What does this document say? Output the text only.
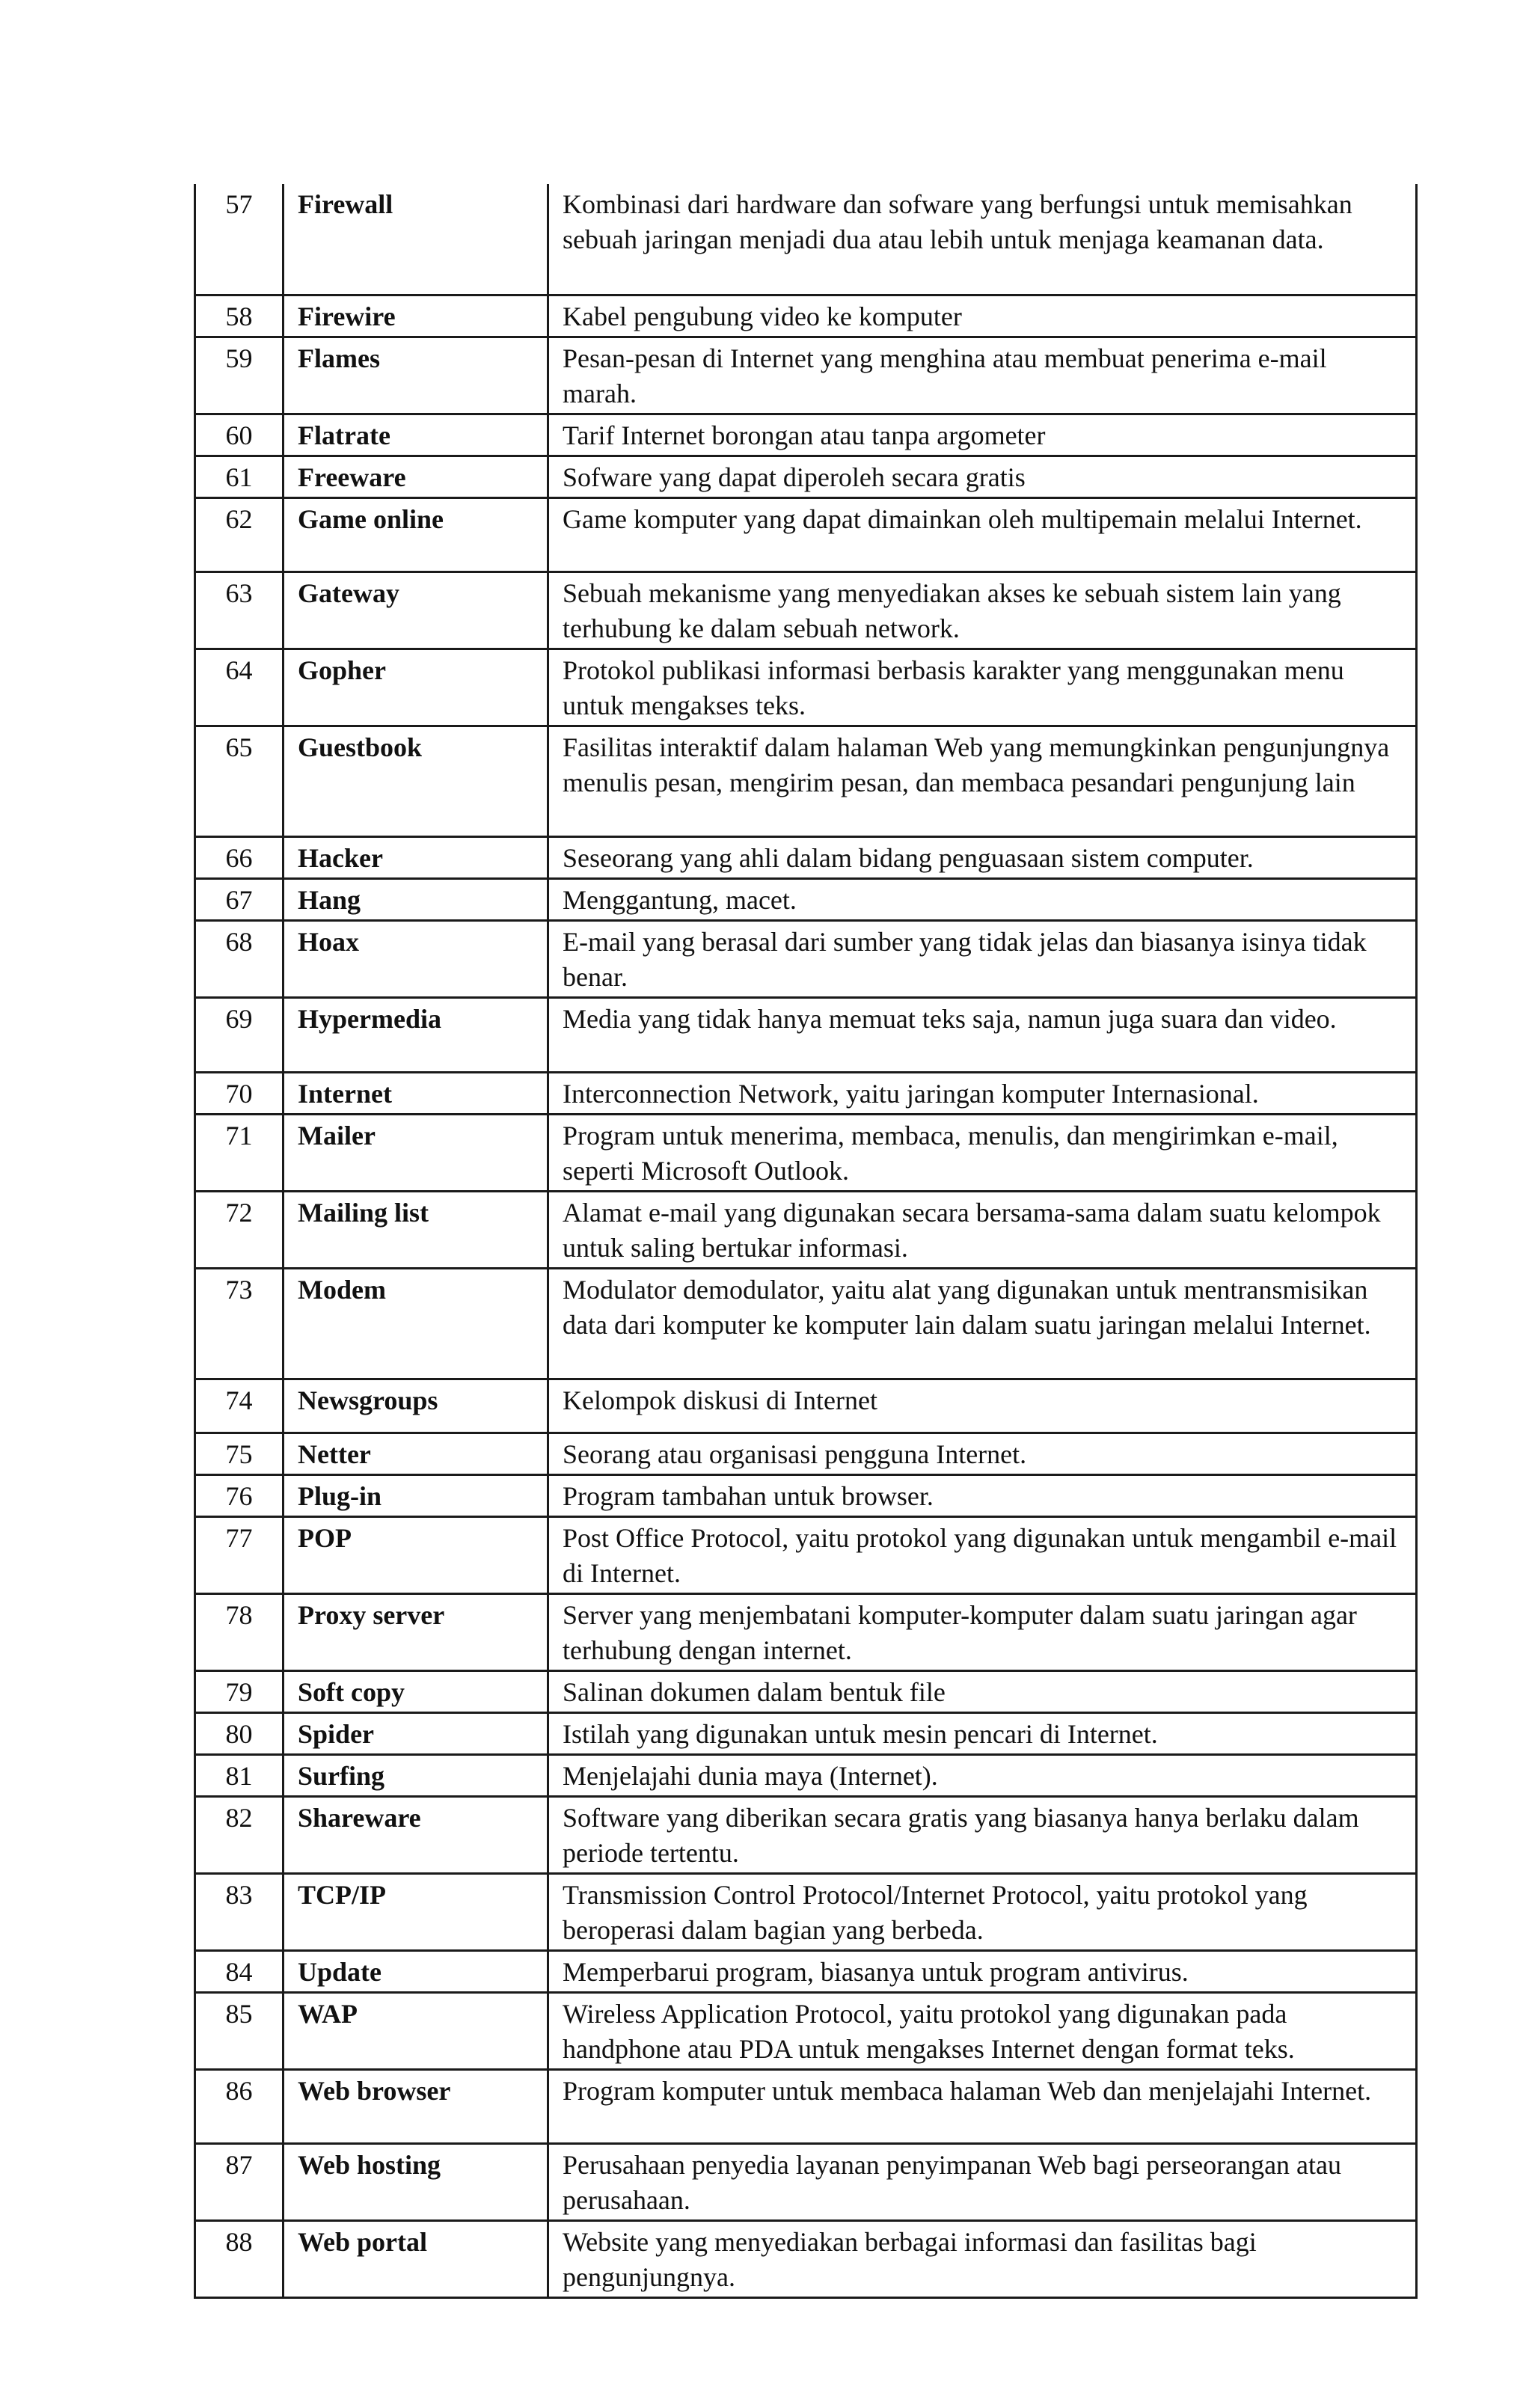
57	Firewall	Kombinasi dari hardware dan sofware yang berfungsi untuk memisahkan sebuah jaringan menjadi dua atau lebih untuk menjaga keamanan data.
58	Firewire	Kabel pengubung video ke komputer
59	Flames	Pesan-pesan di Internet yang menghina atau membuat penerima e-mail marah.
60	Flatrate	Tarif Internet borongan atau tanpa argometer
61	Freeware	Sofware yang dapat diperoleh secara gratis
62	Game online	Game komputer yang dapat dimainkan oleh multipemain melalui Internet.
63	Gateway	Sebuah mekanisme yang menyediakan akses ke sebuah sistem lain yang terhubung ke dalam sebuah network.
64	Gopher	Protokol publikasi informasi berbasis karakter yang menggunakan menu untuk mengakses teks.
65	Guestbook	Fasilitas interaktif dalam halaman Web yang memungkinkan pengunjungnya menulis pesan, mengirim pesan, dan membaca pesandari pengunjung lain
66	Hacker	Seseorang yang ahli dalam bidang penguasaan sistem computer.
67	Hang	Menggantung, macet.
68	Hoax	E-mail yang berasal dari sumber yang tidak jelas dan biasanya isinya tidak benar.
69	Hypermedia	Media yang tidak hanya memuat teks saja, namun juga suara dan video.
70	Internet	Interconnection Network, yaitu jaringan komputer Internasional.
71	Mailer	Program untuk menerima, membaca, menulis, dan mengirimkan e-mail, seperti Microsoft Outlook.
72	Mailing list	Alamat e-mail yang digunakan secara bersama-sama dalam suatu kelompok untuk saling bertukar informasi.
73	Modem	Modulator demodulator, yaitu alat yang digunakan untuk mentransmisikan data dari komputer ke komputer lain dalam suatu jaringan melalui Internet.
74	Newsgroups	Kelompok diskusi di Internet
75	Netter	Seorang atau organisasi pengguna Internet.
76	Plug-in	Program tambahan untuk browser.
77	POP	Post Office Protocol, yaitu protokol yang digunakan untuk mengambil e-mail di Internet.
78	Proxy server	Server yang menjembatani komputer-komputer dalam suatu jaringan agar terhubung dengan internet.
79	Soft copy	Salinan dokumen dalam bentuk file
80	Spider	Istilah yang digunakan untuk mesin pencari di Internet.
81	Surfing	Menjelajahi dunia maya (Internet).
82	Shareware	Software yang diberikan secara gratis yang biasanya hanya berlaku dalam periode tertentu.
83	TCP/IP	Transmission Control Protocol/Internet Protocol, yaitu protokol yang beroperasi dalam bagian yang berbeda.
84	Update	Memperbarui program, biasanya untuk program antivirus.
85	WAP	Wireless Application Protocol, yaitu protokol yang digunakan pada handphone atau PDA untuk mengakses Internet dengan format teks.
86	Web browser	Program komputer untuk membaca halaman Web dan menjelajahi Internet.
87	Web hosting	Perusahaan penyedia layanan penyimpanan Web bagi perseorangan atau perusahaan.
88	Web portal	Website yang menyediakan berbagai informasi dan fasilitas bagi pengunjungnya.
